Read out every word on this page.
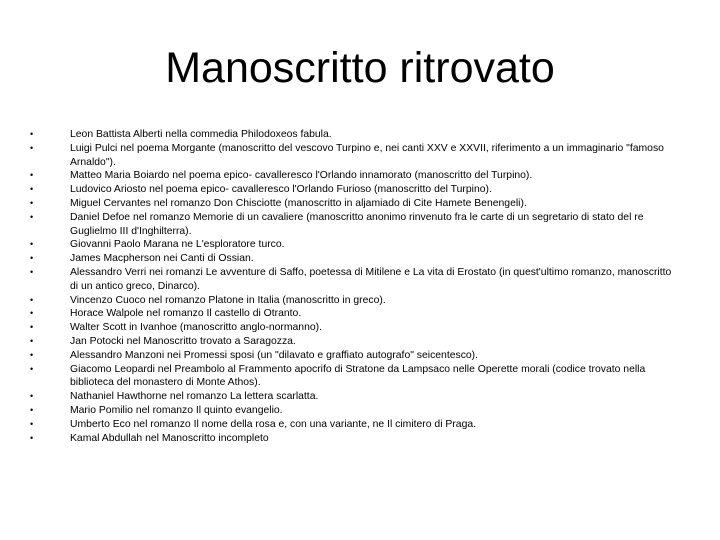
Manoscritto ritrovato
•	Leon Battista Alberti nella commedia Philodoxeos fabula.
•	Luigi Pulci nel poema Morgante (manoscritto del vescovo Turpino e, nei canti XXV e XXVII, riferimento a un immaginario "famoso Arnaldo").
•	Matteo Maria Boiardo nel poema epico- cavalleresco l'Orlando innamorato (manoscritto del Turpino).
•	Ludovico Ariosto nel poema epico- cavalleresco l'Orlando Furioso (manoscritto del Turpino).
•	Miguel Cervantes nel romanzo Don Chisciotte (manoscritto in aljamiado di Cite Hamete Benengeli).
•	Daniel Defoe nel romanzo Memorie di un cavaliere (manoscritto anonimo rinvenuto fra le carte di un segretario di stato del re Guglielmo III d'Inghilterra).
•	Giovanni Paolo Marana ne L'esploratore turco.
•	James Macpherson nei Canti di Ossian.
•	Alessandro Verri nei romanzi Le avventure di Saffo, poetessa di Mitilene e La vita di Erostato (in quest'ultimo romanzo, manoscritto di un antico greco, Dinarco).
•	Vincenzo Cuoco nel romanzo Platone in Italia (manoscritto in greco).
•	Horace Walpole nel romanzo Il castello di Otranto.
•	Walter Scott in Ivanhoe (manoscritto anglo-normanno).
•	Jan Potocki nel Manoscritto trovato a Saragozza.
•	Alessandro Manzoni nei Promessi sposi (un "dilavato e graffiato autografo" seicentesco).
•	Giacomo Leopardi nel Preambolo al Frammento apocrifo di Stratone da Lampsaco nelle Operette morali (codice trovato nella biblioteca del monastero di Monte Athos).
•	Nathaniel Hawthorne nel romanzo La lettera scarlatta.
•	Mario Pomilio nel romanzo Il quinto evangelio.
•	Umberto Eco nel romanzo Il nome della rosa e, con una variante, ne Il cimitero di Praga.
•	Kamal Abdullah nel Manoscritto incompleto
